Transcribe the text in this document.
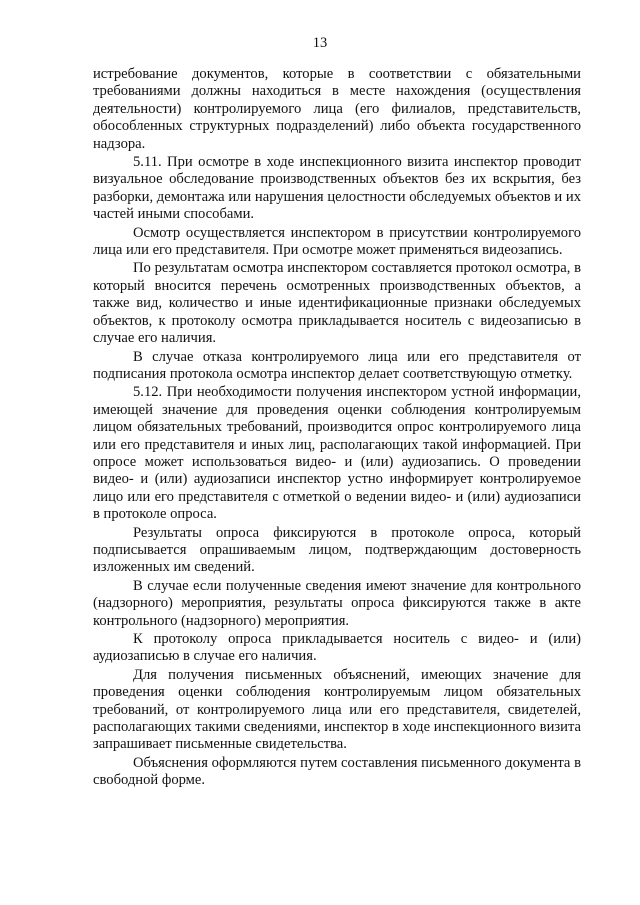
13

истребование документов, которые в соответствии с обязательными требованиями должны находиться в месте нахождения (осуществления деятельности) контролируемого лица (его филиалов, представительств, обособленных структурных подразделений) либо объекта государственного надзора.

5.11. При осмотре в ходе инспекционного визита инспектор проводит визуальное обследование производственных объектов без их вскрытия, без разборки, демонтажа или нарушения целостности обследуемых объектов и их частей иными способами.

Осмотр осуществляется инспектором в присутствии контролируемого лица или его представителя. При осмотре может применяться видеозапись.

По результатам осмотра инспектором составляется протокол осмотра, в который вносится перечень осмотренных производственных объектов, а также вид, количество и иные идентификационные признаки обследуемых объектов, к протоколу осмотра прикладывается носитель с видеозаписью в случае его наличия.

В случае отказа контролируемого лица или его представителя от подписания протокола осмотра инспектор делает соответствующую отметку.

5.12. При необходимости получения инспектором устной информации, имеющей значение для проведения оценки соблюдения контролируемым лицом обязательных требований, производится опрос контролируемого лица или его представителя и иных лиц, располагающих такой информацией. При опросе может использоваться видео- и (или) аудиозапись. О проведении видео- и (или) аудиозаписи инспектор устно информирует контролируемое лицо или его представителя с отметкой о ведении видео- и (или) аудиозаписи в протоколе опроса.

Результаты опроса фиксируются в протоколе опроса, который подписывается опрашиваемым лицом, подтверждающим достоверность изложенных им сведений.

В случае если полученные сведения имеют значение для контрольного (надзорного) мероприятия, результаты опроса фиксируются также в акте контрольного (надзорного) мероприятия.

К протоколу опроса прикладывается носитель с видео- и (или) аудиозаписью в случае его наличия.

Для получения письменных объяснений, имеющих значение для проведения оценки соблюдения контролируемым лицом обязательных требований, от контролируемого лица или его представителя, свидетелей, располагающих такими сведениями, инспектор в ходе инспекционного визита запрашивает письменные свидетельства.

Объяснения оформляются путем составления письменного документа в свободной форме.
